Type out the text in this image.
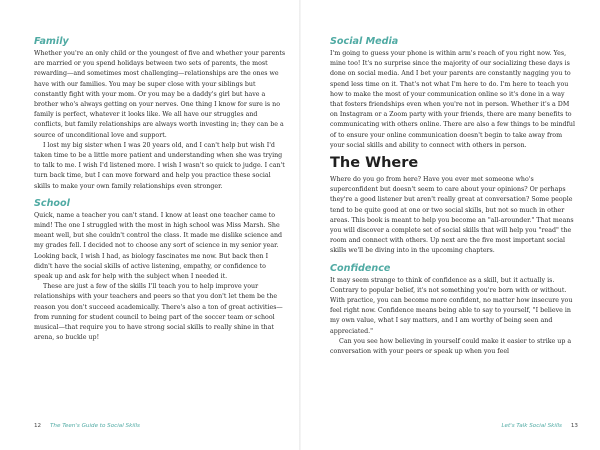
Family

Whether you're an only child or the youngest of five and whether your parents are married or you spend holidays between two sets of parents, the most rewarding—and sometimes most challenging—relationships are the ones we have with our families. You may be super close with your siblings but constantly fight with your mom. Or you may be a daddy's girl but have a brother who's always getting on your nerves. One thing I know for sure is no family is perfect, whatever it looks like. We all have our struggles and conflicts, but family relationships are always worth investing in; they can be a source of unconditional love and support.

I lost my big sister when I was 20 years old, and I can't help but wish I'd taken time to be a little more patient and understanding when she was trying to talk to me. I wish I'd listened more. I wish I wasn't so quick to judge. I can't turn back time, but I can move forward and help you practice these social skills to make your own family relationships even stronger.

School

Quick, name a teacher you can't stand. I know at least one teacher came to mind! The one I struggled with the most in high school was Miss Marsh. She meant well, but she couldn't control the class. It made me dislike science and my grades fell. I decided not to choose any sort of science in my senior year. Looking back, I wish I had, as biology fascinates me now. But back then I didn't have the social skills of active listening, empathy, or confidence to speak up and ask for help with the subject when I needed it.

These are just a few of the skills I'll teach you to help improve your relationships with your teachers and peers so that you don't let them be the reason you don't succeed academically. There's also a ton of great activities—from running for student council to being part of the soccer team or school musical—that require you to have strong social skills to really shine in that arena, so buckle up!

Social Media

I'm going to guess your phone is within arm's reach of you right now. Yes, mine too! It's no surprise since the majority of our socializing these days is done on social media. And I bet your parents are constantly nagging you to spend less time on it. That's not what I'm here to do. I'm here to teach you how to make the most of your communication online so it's done in a way that fosters friendships even when you're not in person. Whether it's a DM on Instagram or a Zoom party with your friends, there are many benefits to communicating with others online. There are also a few things to be mindful of to ensure your online communication doesn't begin to take away from your social skills and ability to connect with others in person.

The Where

Where do you go from here? Have you ever met someone who's superconfident but doesn't seem to care about your opinions? Or perhaps they're a good listener but aren't really great at conversation? Some people tend to be quite good at one or two social skills, but not so much in other areas. This book is meant to help you become an "all-arounder." That means you will discover a complete set of social skills that will help you "read" the room and connect with others. Up next are the five most important social skills we'll be diving into in the upcoming chapters.

Confidence

It may seem strange to think of confidence as a skill, but it actually is. Contrary to popular belief, it's not something you're born with or without. With practice, you can become more confident, no matter how insecure you feel right now. Confidence means being able to say to yourself, "I believe in my own value, what I say matters, and I am worthy of being seen and appreciated."

Can you see how believing in yourself could make it easier to strike up a conversation with your peers or speak up when you feel

12 The Teen's Guide to Social Skills	Let's Talk Social Skills 13
